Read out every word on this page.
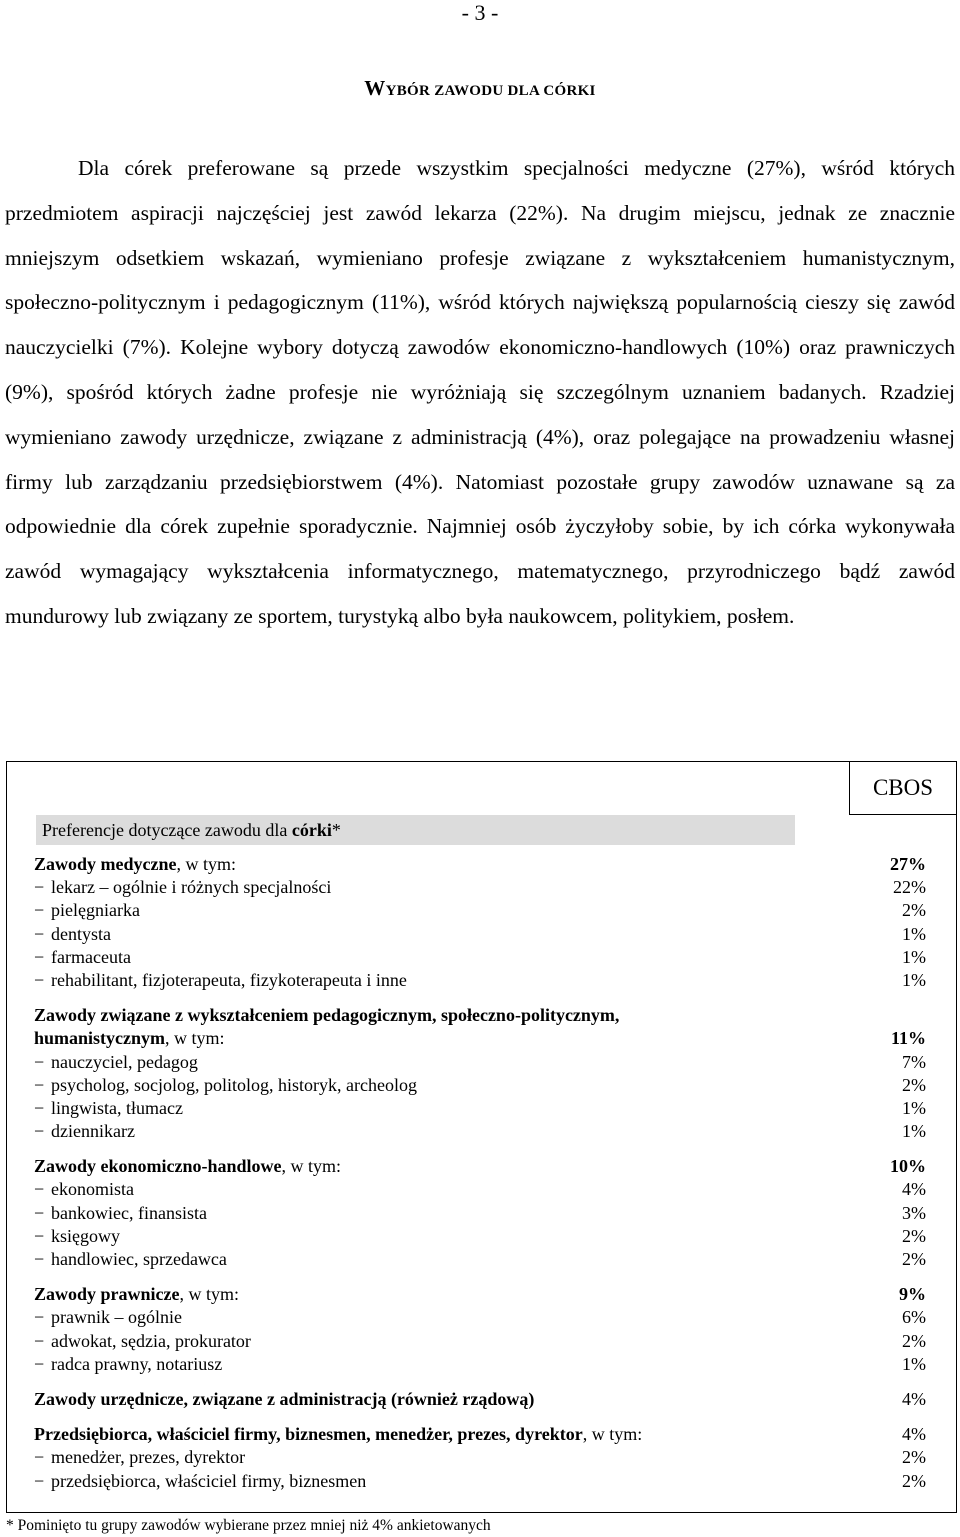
- 3 -
WYBÓR ZAWODU DLA CÓRKI

Dla córek preferowane są przede wszystkim specjalności medyczne (27%), wśród których przedmiotem aspiracji najczęściej jest zawód lekarza (22%). Na drugim miejscu, jednak ze znacznie mniejszym odsetkiem wskazań, wymieniano profesje związane z wykształceniem humanistycznym, społeczno-politycznym i pedagogicznym (11%), wśród których największą popularnością cieszy się zawód nauczycielki (7%). Kolejne wybory dotyczą zawodów ekonomiczno-handlowych (10%) oraz prawniczych (9%), spośród których żadne profesje nie wyróżniają się szczególnym uznaniem badanych. Rzadziej wymieniano zawody urzędnicze, związane z administracją (4%), oraz polegające na prowadzeniu własnej firmy lub zarządzaniu przedsiębiorstwem (4%). Natomiast pozostałe grupy zawodów uznawane są za odpowiednie dla córek zupełnie sporadycznie. Najmniej osób życzyłoby sobie, by ich córka wykonywała zawód wymagający wykształcenia informatycznego, matematycznego, przyrodniczego bądź zawód mundurowy lub związany ze sportem, turystyką albo była naukowcem, politykiem, posłem.

CBOS
Preferencje dotyczące zawodu dla córki*
Zawody medyczne, w tym:	27%
− lekarz – ogólnie i różnych specjalności	22%
− pielęgniarka	2%
− dentysta	1%
− farmaceuta	1%
− rehabilitant, fizjoterapeuta, fizykoterapeuta i inne	1%
Zawody związane z wykształceniem pedagogicznym, społeczno-politycznym,
humanistycznym, w tym:	11%
− nauczyciel, pedagog	7%
− psycholog, socjolog, politolog, historyk, archeolog	2%
− lingwista, tłumacz	1%
− dziennikarz	1%
Zawody ekonomiczno-handlowe, w tym:	10%
− ekonomista	4%
− bankowiec, finansista	3%
− księgowy	2%
− handlowiec, sprzedawca	2%
Zawody prawnicze, w tym:	9%
− prawnik – ogólnie	6%
− adwokat, sędzia, prokurator	2%
− radca prawny, notariusz	1%
Zawody urzędnicze, związane z administracją (również rządową)	4%
Przedsiębiorca, właściciel firmy, biznesmen, menedżer, prezes, dyrektor, w tym:	4%
− menedżer, prezes, dyrektor	2%
− przedsiębiorca, właściciel firmy, biznesmen	2%
* Pominięto tu grupy zawodów wybierane przez mniej niż 4% ankietowanych
